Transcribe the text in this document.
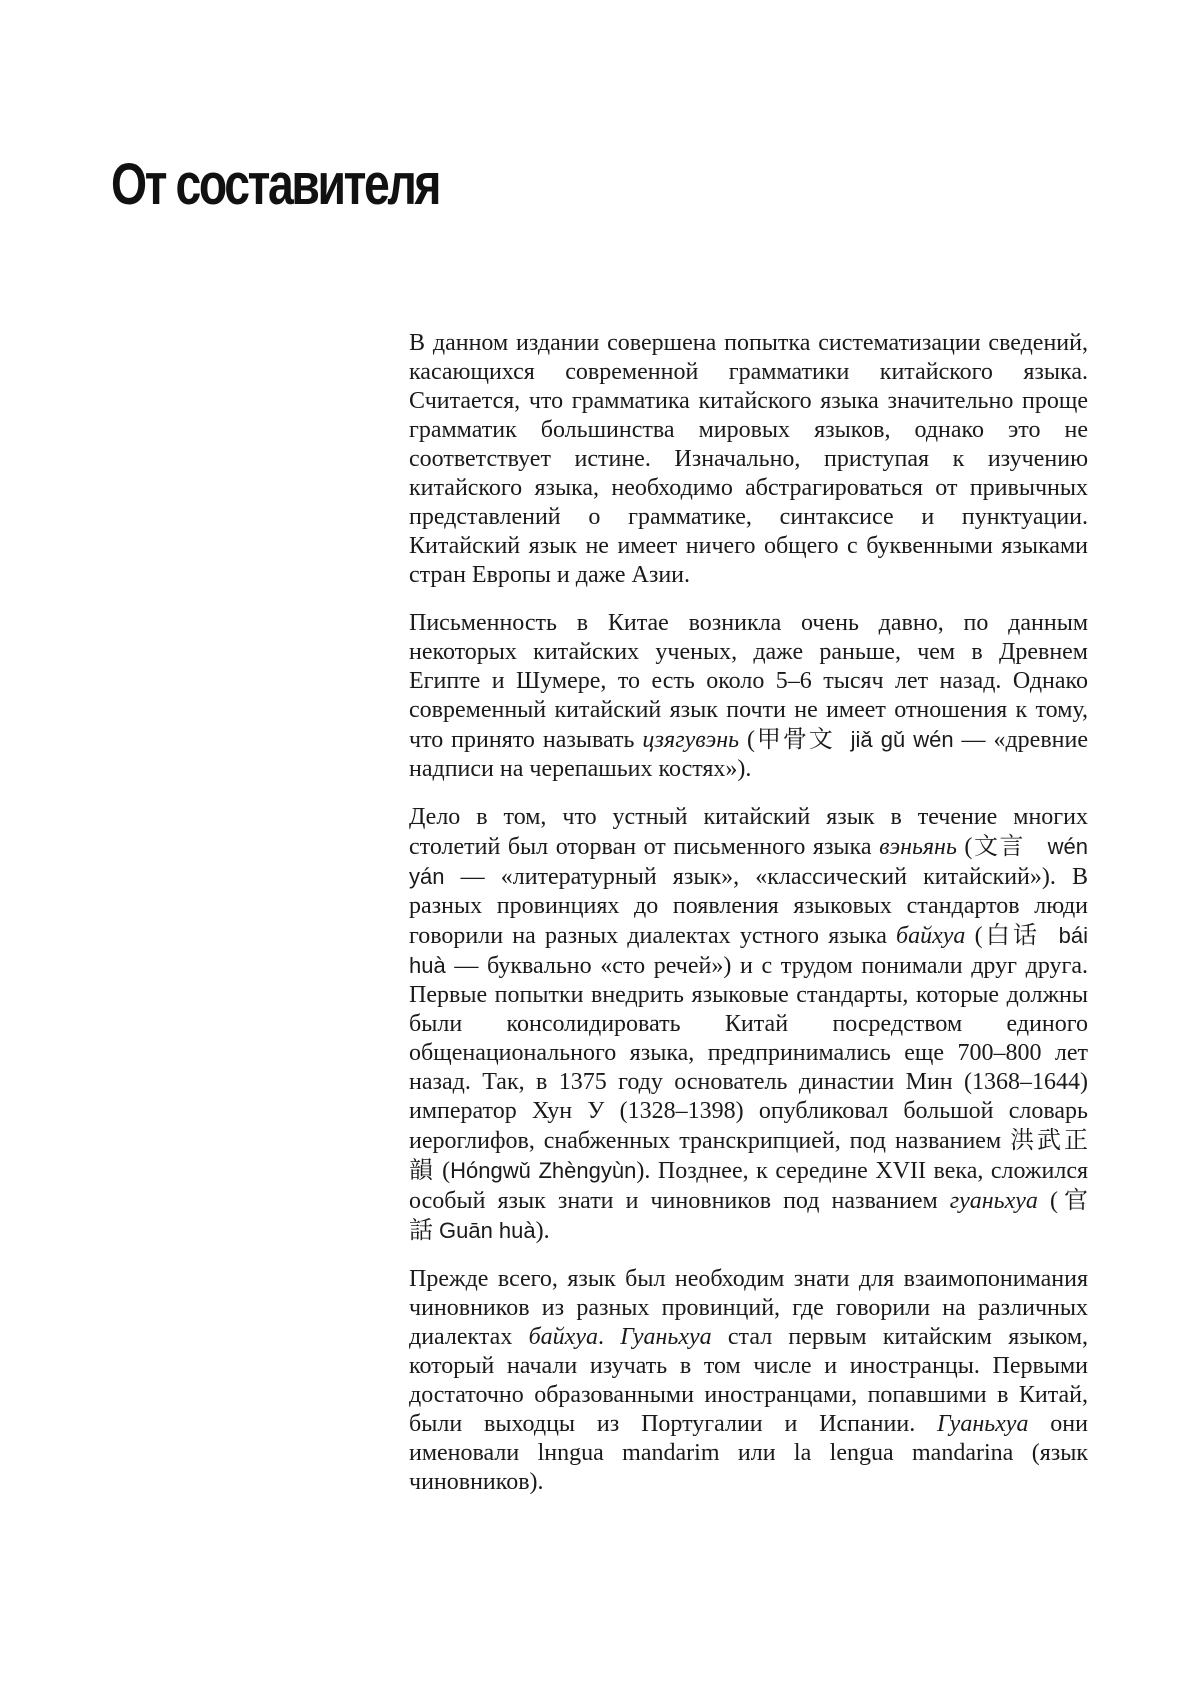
От составителя

В данном издании совершена попытка систематизации сведений, касающихся современной грамматики китайского языка. Считается, что грамматика китайского языка значительно проще грамматик большинства мировых языков, однако это не соответствует истине. Изначально, приступая к изучению китайского языка, необходимо абстрагироваться от привычных представлений о грамматике, синтаксисе и пунктуации. Китайский язык не имеет ничего общего с буквенными языками стран Европы и даже Азии.

Письменность в Китае возникла очень давно, по данным некоторых китайских ученых, даже раньше, чем в Древнем Египте и Шумере, то есть около 5–6 тысяч лет назад. Однако современный китайский язык почти не имеет отношения к тому, что принято называть цзягувэнь (甲骨文 jiǎ gǔ wén — «древние надписи на черепашьих костях»).

Дело в том, что устный китайский язык в течение многих столетий был оторван от письменного языка вэньянь (文言 wén yán — «литературный язык», «классический китайский»). В разных провинциях до появления языковых стандартов люди говорили на разных диалектах устного языка байхуа (白话 bái huà — буквально «сто речей») и с трудом понимали друг друга. Первые попытки внедрить языковые стандарты, которые должны были консолидировать Китай посредством единого общенационального языка, предпринимались еще 700–800 лет назад. Так, в 1375 году основатель династии Мин (1368–1644) император Хун У (1328–1398) опубликовал большой словарь иероглифов, снабженных транскрипцией, под названием 洪武正韻 (Hóngwǔ Zhèngyùn). Позднее, к середине XVII века, сложился особый язык знати и чиновников под названием гуаньхуа (官話 Guān huà).

Прежде всего, язык был необходим знати для взаимопонимания чиновников из разных провинций, где говорили на различных диалектах байхуа. Гуаньхуа стал первым китайским языком, который начали изучать в том числе и иностранцы. Первыми достаточно образованными иностранцами, попавшими в Китай, были выходцы из Португалии и Испании. Гуаньхуа они именовали lнngua mandarim или la lengua mandarina (язык чиновников).
